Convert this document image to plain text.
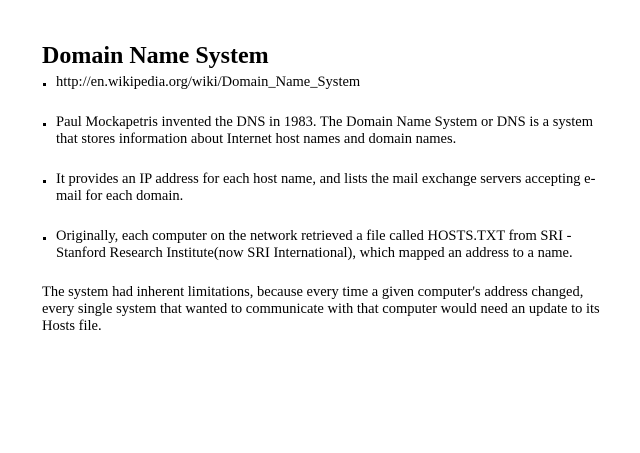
Domain Name System
http://en.wikipedia.org/wiki/Domain_Name_System
Paul Mockapetris invented the DNS in 1983. The Domain Name System or DNS is a system that stores information about Internet host names and domain names.
It provides an IP address for each host name, and lists the mail exchange servers accepting e-mail for each domain.
Originally, each computer on the network retrieved a file called HOSTS.TXT from SRI - Stanford Research Institute(now SRI International), which mapped an address to a name.

The system had inherent limitations, because every time a given computer's address changed, every single system that wanted to communicate with that computer would need an update to its Hosts file.
